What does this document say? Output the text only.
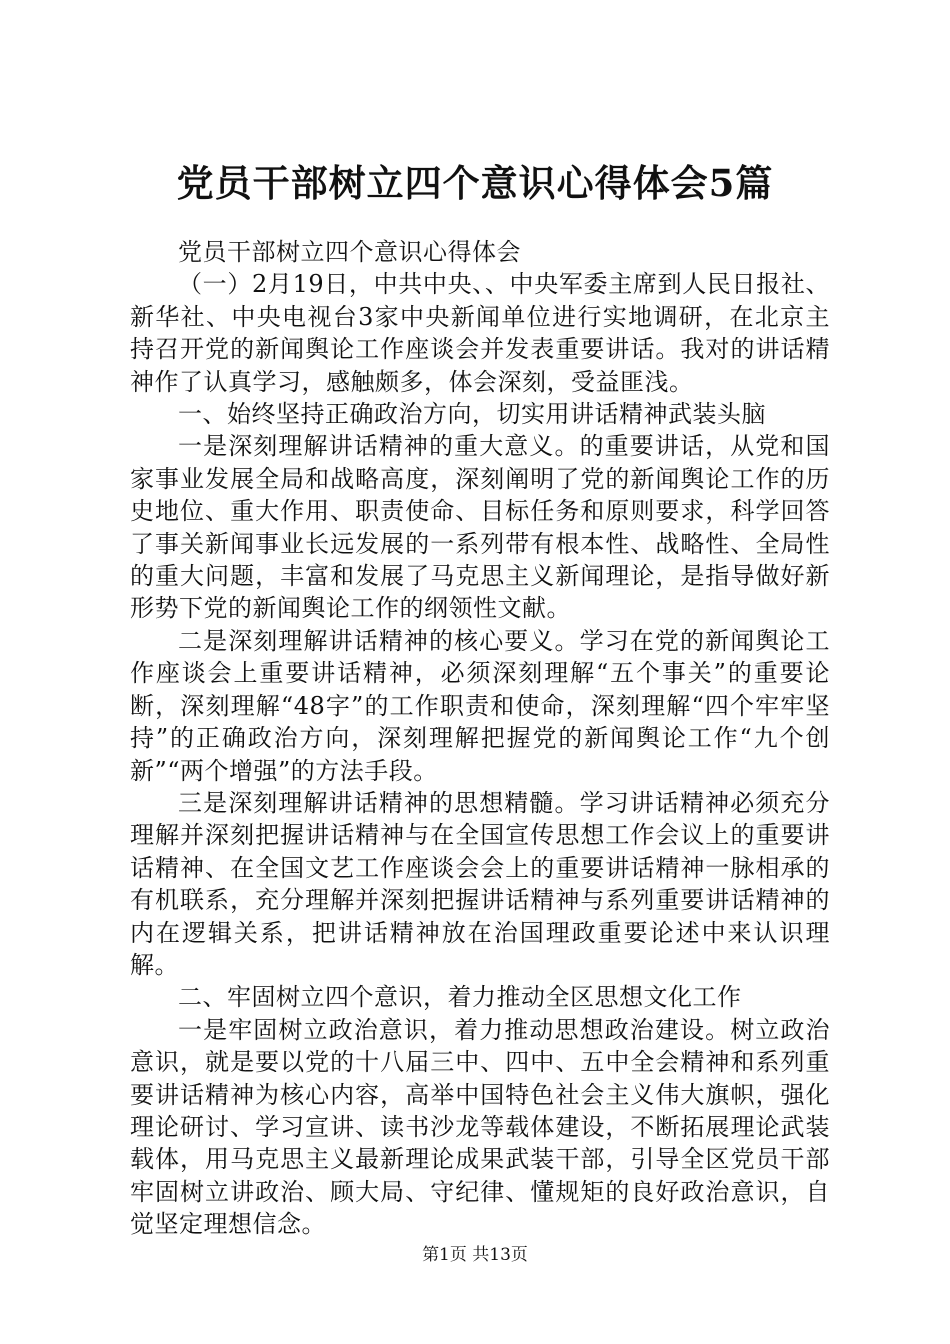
党员干部树立四个意识心得体会5篇

党员干部树立四个意识心得体会

（一）2月19日，中共中央、、中央军委主席到人民日报社、新华社、中央电视台3家中央新闻单位进行实地调研，在北京主持召开党的新闻舆论工作座谈会并发表重要讲话。我对的讲话精神作了认真学习，感触颇多，体会深刻，受益匪浅。

一、始终坚持正确政治方向，切实用讲话精神武装头脑

一是深刻理解讲话精神的重大意义。的重要讲话，从党和国家事业发展全局和战略高度，深刻阐明了党的新闻舆论工作的历史地位、重大作用、职责使命、目标任务和原则要求，科学回答了事关新闻事业长远发展的一系列带有根本性、战略性、全局性的重大问题，丰富和发展了马克思主义新闻理论，是指导做好新形势下党的新闻舆论工作的纲领性文献。

二是深刻理解讲话精神的核心要义。学习在党的新闻舆论工作座谈会上重要讲话精神，必须深刻理解“五个事关”的重要论断，深刻理解“48字”的工作职责和使命，深刻理解“四个牢牢坚持”的正确政治方向，深刻理解把握党的新闻舆论工作“九个创新”“两个增强”的方法手段。

三是深刻理解讲话精神的思想精髓。学习讲话精神必须充分理解并深刻把握讲话精神与在全国宣传思想工作会议上的重要讲话精神、在全国文艺工作座谈会会上的重要讲话精神一脉相承的有机联系，充分理解并深刻把握讲话精神与系列重要讲话精神的内在逻辑关系，把讲话精神放在治国理政重要论述中来认识理解。

二、牢固树立四个意识，着力推动全区思想文化工作

一是牢固树立政治意识，着力推动思想政治建设。树立政治意识，就是要以党的十八届三中、四中、五中全会精神和系列重要讲话精神为核心内容，高举中国特色社会主义伟大旗帜，强化理论研讨、学习宣讲、读书沙龙等载体建设，不断拓展理论武装载体，用马克思主义最新理论成果武装干部，引导全区党员干部牢固树立讲政治、顾大局、守纪律、懂规矩的良好政治意识，自觉坚定理想信念。

第1页 共13页
